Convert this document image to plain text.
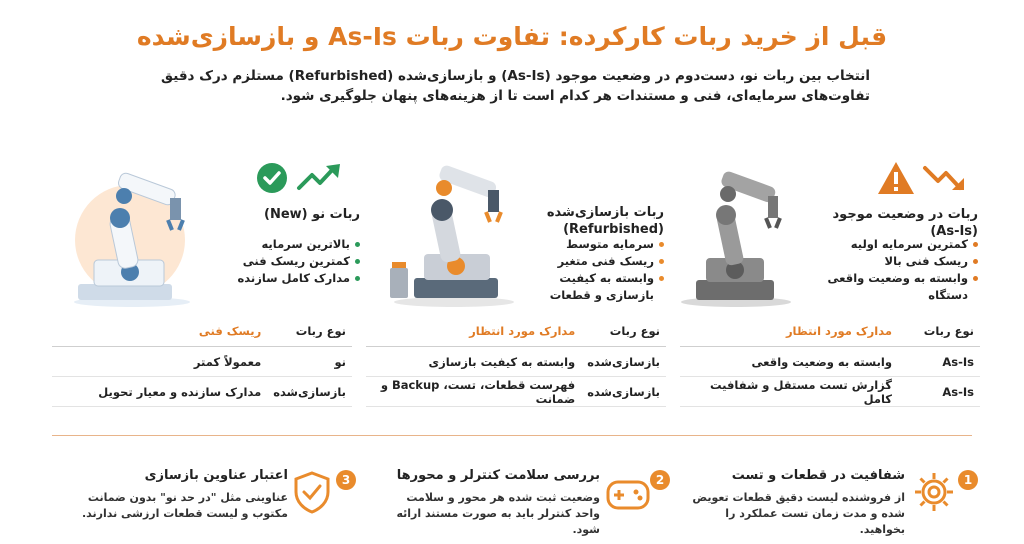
قبل از خرید ربات کارکرده: تفاوت ربات As-Is و بازسازی‌شده
انتخاب بین ربات نو، دست‌دوم در وضعیت موجود (As-Is) و بازسازی‌شده (Refurbished) مستلزم درک دقیق تفاوت‌های سرمایه‌ای، فنی و مستندات هر کدام است تا از هزینه‌های پنهان جلوگیری شود.
ربات در وضعیت موجود (As-Is)
کمترین سرمایه اولیه
ریسک فنی بالا
وابسته به وضعیت واقعی دستگاه
ربات بازسازی‌شده
(Refurbished)
سرمایه متوسط
ریسک فنی متغیر
وابسته به کیفیت بازسازی و قطعات
ربات نو (New)
بالاترین سرمایه
کمترین ریسک فنی
مدارک کامل سازنده
نوع ربات	مدارک مورد انتظار
As-Is	وابسته به وضعیت واقعی
As-Is	گزارش تست مستقل و شفافیت کامل
نوع ربات	مدارک مورد انتظار
بازسازی‌شده	وابسته به کیفیت بازسازی
بازسازی‌شده	فهرست قطعات، تست، Backup و ضمانت
نوع ربات	ریسک فنی
نو	معمولاً کمتر
بازسازی‌شده	مدارک سازنده و معیار تحویل
1
شفافیت در قطعات و تست
از فروشنده لیست دقیق قطعات تعویض شده و مدت زمان تست عملکرد را بخواهید.
2
بررسی سلامت کنترلر و محورها
وضعیت ثبت شده هر محور و سلامت واحد کنترلر باید به صورت مستند ارائه شود.
3
اعتبار عناوین بازسازی
عناوینی مثل "در حد نو" بدون ضمانت مکتوب و لیست قطعات ارزشی ندارند.
